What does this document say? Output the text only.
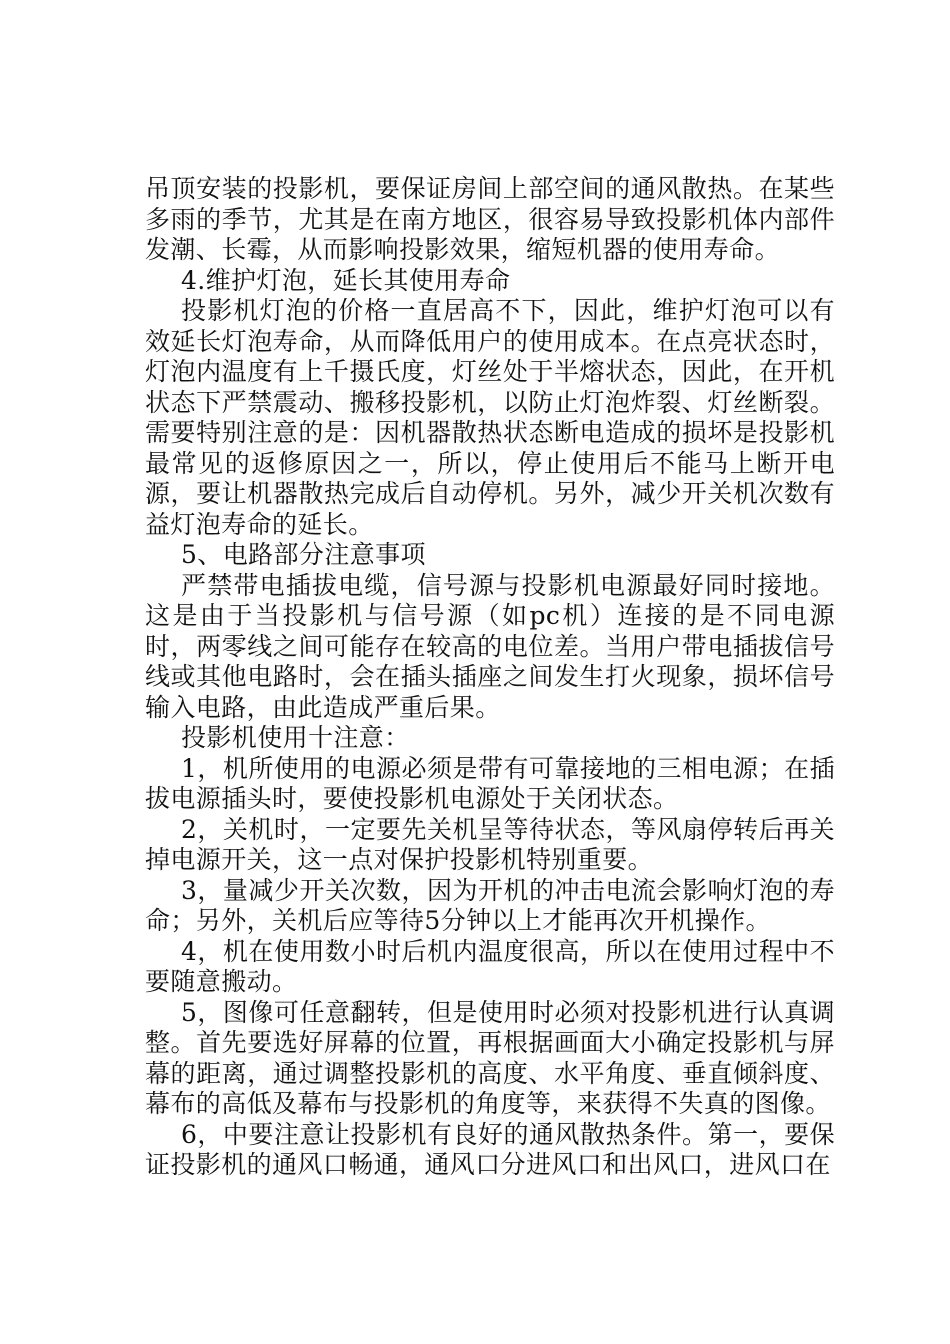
吊顶安装的投影机，要保证房间上部空间的通风散热。在某些多雨的季节，尤其是在南方地区，很容易导致投影机体内部件发潮、长霉，从而影响投影效果，缩短机器的使用寿命。

4.维护灯泡，延长其使用寿命

投影机灯泡的价格一直居高不下，因此，维护灯泡可以有效延长灯泡寿命，从而降低用户的使用成本。在点亮状态时，灯泡内温度有上千摄氏度，灯丝处于半熔状态，因此，在开机状态下严禁震动、搬移投影机，以防止灯泡炸裂、灯丝断裂。需要特别注意的是：因机器散热状态断电造成的损坏是投影机最常见的返修原因之一，所以，停止使用后不能马上断开电源，要让机器散热完成后自动停机。另外，减少开关机次数有益灯泡寿命的延长。

5、电路部分注意事项

严禁带电插拔电缆，信号源与投影机电源最好同时接地。这是由于当投影机与信号源（如pc机）连接的是不同电源时，两零线之间可能存在较高的电位差。当用户带电插拔信号线或其他电路时，会在插头插座之间发生打火现象，损坏信号输入电路，由此造成严重后果。

投影机使用十注意：

1，机所使用的电源必须是带有可靠接地的三相电源；在插拔电源插头时，要使投影机电源处于关闭状态。

2，关机时，一定要先关机呈等待状态，等风扇停转后再关掉电源开关，这一点对保护投影机特别重要。

3，量减少开关次数，因为开机的冲击电流会影响灯泡的寿命；另外，关机后应等待5分钟以上才能再次开机操作。

4，机在使用数小时后机内温度很高，所以在使用过程中不要随意搬动。

5，图像可任意翻转，但是使用时必须对投影机进行认真调整。首先要选好屏幕的位置，再根据画面大小确定投影机与屏幕的距离，通过调整投影机的高度、水平角度、垂直倾斜度、幕布的高低及幕布与投影机的角度等，来获得不失真的图像。

6，中要注意让投影机有良好的通风散热条件。第一，要保证投影机的通风口畅通，通风口分进风口和出风口，进风口在
